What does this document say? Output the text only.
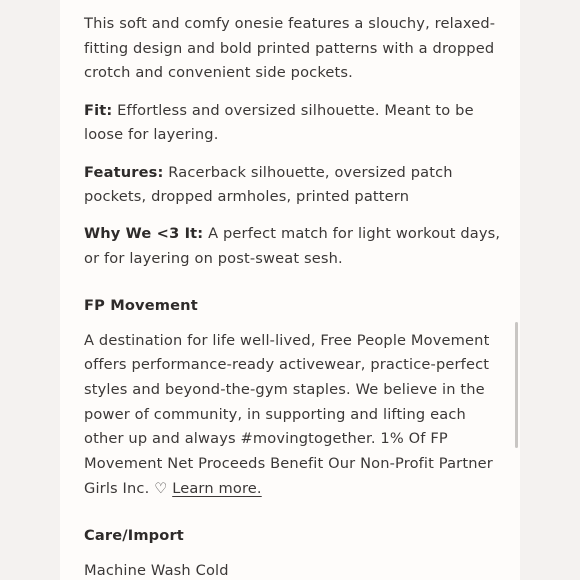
This soft and comfy onesie features a slouchy, relaxed-fitting design and bold printed patterns with a dropped crotch and convenient side pockets.

Fit: Effortless and oversized silhouette. Meant to be loose for layering.

Features: Racerback silhouette, oversized patch pockets, dropped armholes, printed pattern

Why We <3 It: A perfect match for light workout days, or for layering on post-sweat sesh.

FP Movement

A destination for life well-lived, Free People Movement offers performance-ready activewear, practice-perfect styles and beyond-the-gym staples. We believe in the power of community, in supporting and lifting each other up and always #movingtogether. 1% Of FP Movement Net Proceeds Benefit Our Non-Profit Partner Girls Inc. ♡ Learn more.

Care/Import

Machine Wash Cold
